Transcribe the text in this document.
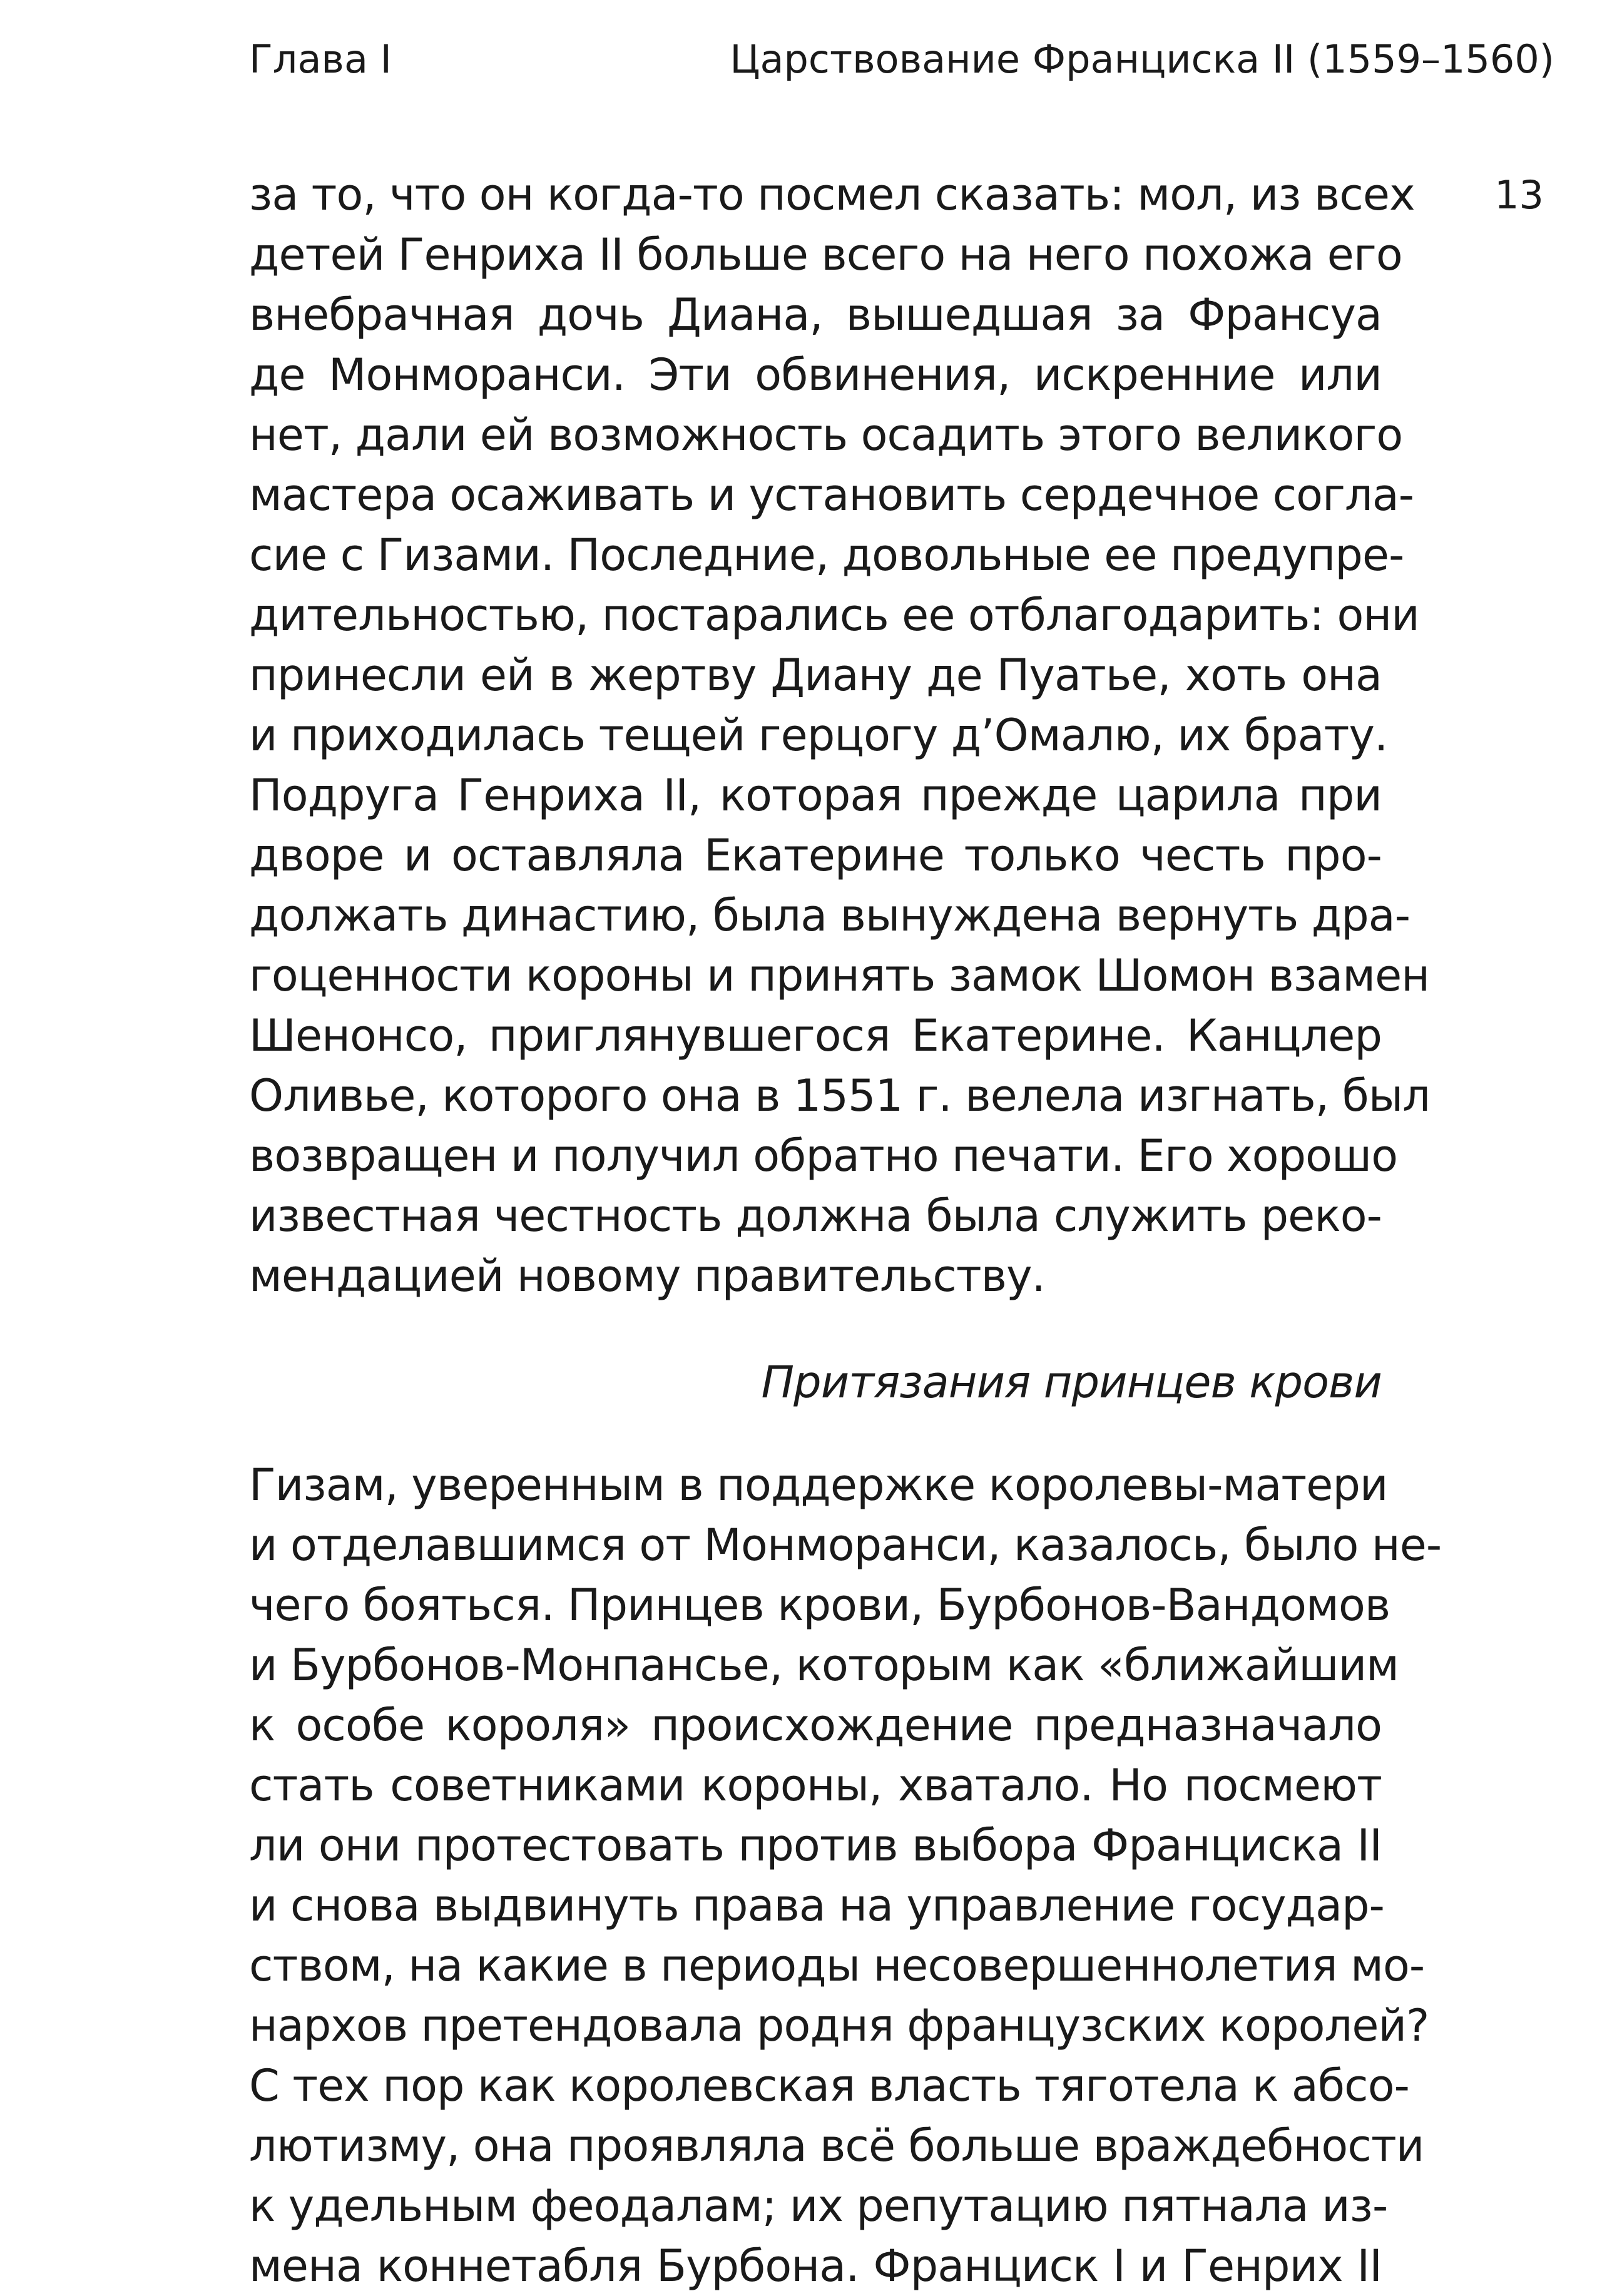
Глава I	Царствование Франциска II (1559–1560)
13
за то, что он когда-то посмел сказать: мол, из всех
детей Генриха II больше всего на него похожа его
внебрачная дочь Диана, вышедшая за Франсуа
де Монморанси. Эти обвинения, искренние или
нет, дали ей возможность осадить этого великого
мастера осаживать и установить сердечное согла-
сие с Гизами. Последние, довольные ее предупре-
дительностью, постарались ее отблагодарить: они
принесли ей в жертву Диану де Пуатье, хоть она
и приходилась тещей герцогу д’Омалю, их брату.
Подруга Генриха II, которая прежде царила при
дворе и оставляла Екатерине только честь про-
должать династию, была вынуждена вернуть дра-
гоценности короны и принять замок Шомон взамен
Шенонсо, приглянувшегося Екатерине. Канцлер
Оливье, которого она в 1551 г. велела изгнать, был
возвращен и получил обратно печати. Его хорошо
известная честность должна была служить реко-
мендацией новому правительству.
Притязания принцев крови
Гизам, уверенным в поддержке королевы-матери
и отделавшимся от Монморанси, казалось, было не-
чего бояться. Принцев крови, Бурбонов-Вандомов
и Бурбонов-Монпансье, которым как «ближайшим
к особе короля» происхождение предназначало
стать советниками короны, хватало. Но посмеют
ли они протестовать против выбора Франциска II
и снова выдвинуть права на управление государ-
ством, на какие в периоды несовершеннолетия мо-
нархов претендовала родня французских королей?
С тех пор как королевская власть тяготела к абсо-
лютизму, она проявляла всё больше враждебности
к удельным феодалам; их репутацию пятнала из-
мена коннетабля Бурбона. Франциск I и Генрих II
